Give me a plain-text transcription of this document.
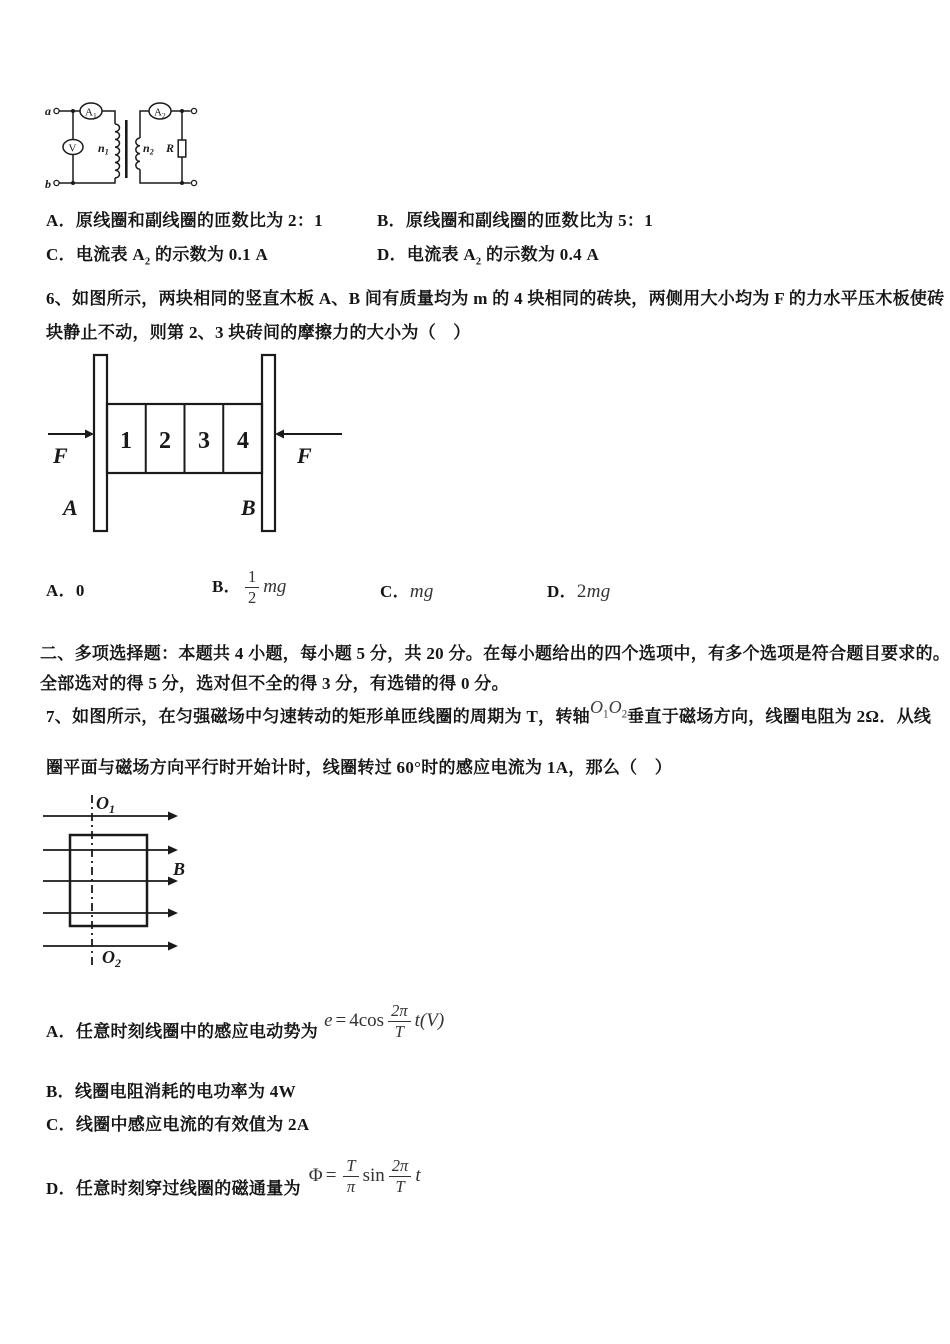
a
b
$A_1$
V $n_1$	$n_2$
$A_2$
R
A．原线圈和副线圈的匝数比为 2：1	B．原线圈和副线圈的匝数比为 5：1
C．电流表 $A_2$ 的示数为 0.1 A	D．电流表 $A_2$ 的示数为 0.4 A
6、如图所示，两块相同的竖直木板 A、B 间有质量均为 m 的 4 块相同的砖块，两侧用大小均为 F 的力水平压木板使砖
块静止不动，则第 2、3 块砖间的摩擦力的大小为（　）
1 2 3 4
F	F
A	B
A．0	B． $\frac{1}{2}$ mg	C．mg	D．2mg
二、多项选择题：本题共 4 小题，每小题 5 分，共 20 分。在每小题给出的四个选项中，有多个选项是符合题目要求的。
全部选对的得 5 分，选对但不全的得 3 分，有选错的得 0 分。
7、如图所示，在匀强磁场中匀速转动的矩形单匝线圈的周期为 T，转轴$O_1O_2$垂直于磁场方向，线圈电阻为 2Ω．从线
圈平面与磁场方向平行时开始计时，线圈转过 60°时的感应电流为 1A，那么（　）
$O_1$
$O_2$
B
A．任意时刻线圈中的感应电动势为
$e = 4\cos \frac{2\pi}{T} t(V)$
B．线圈电阻消耗的电功率为 4W
C．线圈中感应电流的有效值为 2A
D．任意时刻穿过线圈的磁通量为
$\Phi = \frac{T}{\pi}$ $\sin \frac{2\pi}{T}$ t
